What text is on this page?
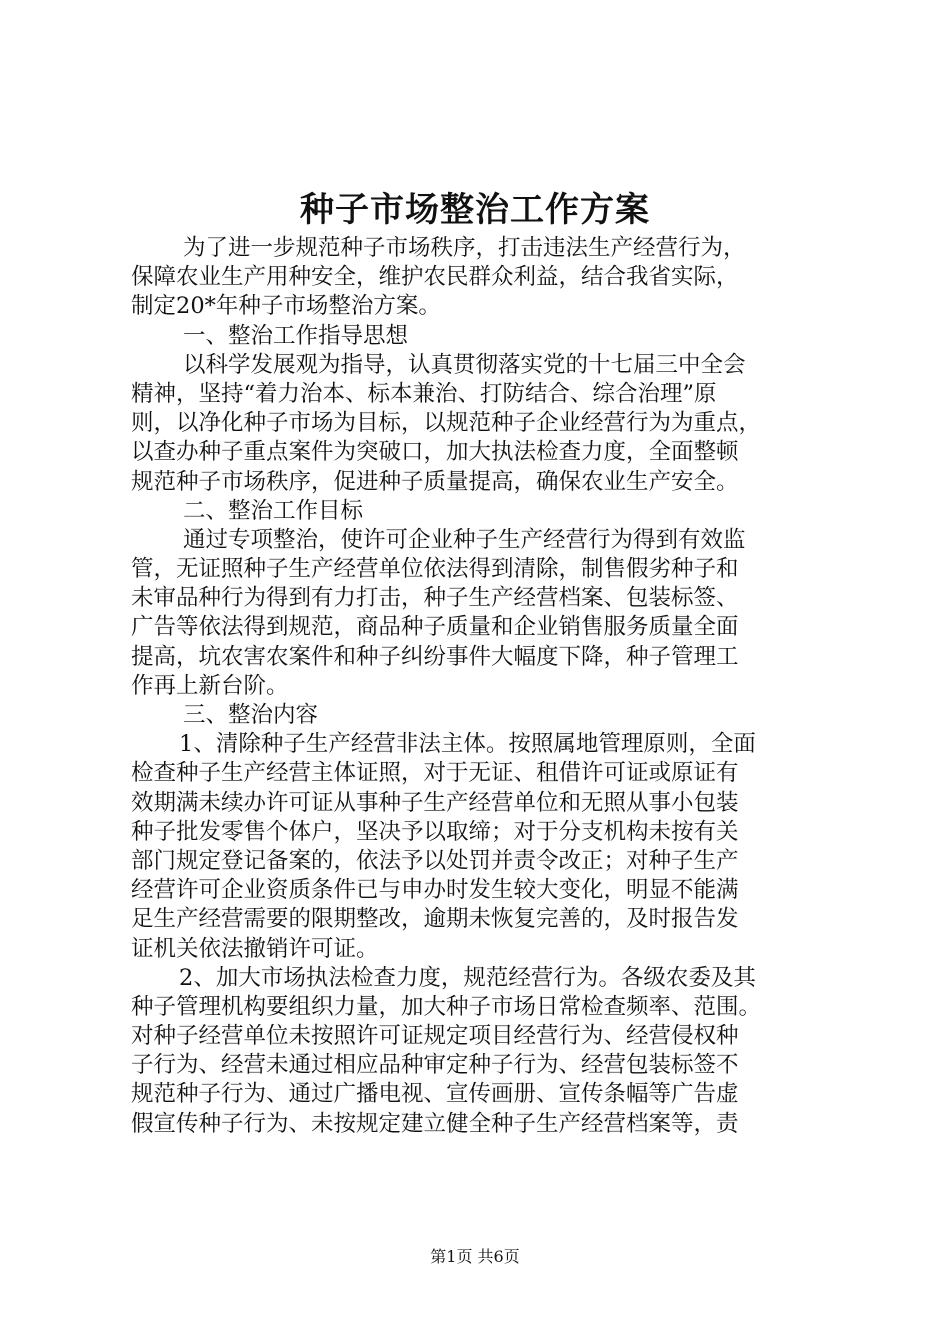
种子市场整治工作方案
为了进一步规范种子市场秩序，打击违法生产经营行为，
保障农业生产用种安全，维护农民群众利益，结合我省实际，
制定20*年种子市场整治方案。
一、整治工作指导思想
以科学发展观为指导，认真贯彻落实党的十七届三中全会
精神，坚持“着力治本、标本兼治、打防结合、综合治理”原
则，以净化种子市场为目标，以规范种子企业经营行为为重点，
以查办种子重点案件为突破口，加大执法检查力度，全面整顿
规范种子市场秩序，促进种子质量提高，确保农业生产安全。
二、整治工作目标
通过专项整治，使许可企业种子生产经营行为得到有效监
管，无证照种子生产经营单位依法得到清除，制售假劣种子和
未审品种行为得到有力打击，种子生产经营档案、包装标签、
广告等依法得到规范，商品种子质量和企业销售服务质量全面
提高，坑农害农案件和种子纠纷事件大幅度下降，种子管理工
作再上新台阶。
三、整治内容
1、清除种子生产经营非法主体。按照属地管理原则，全面
检查种子生产经营主体证照，对于无证、租借许可证或原证有
效期满未续办许可证从事种子生产经营单位和无照从事小包装
种子批发零售个体户，坚决予以取缔；对于分支机构未按有关
部门规定登记备案的，依法予以处罚并责令改正；对种子生产
经营许可企业资质条件已与申办时发生较大变化，明显不能满
足生产经营需要的限期整改，逾期未恢复完善的，及时报告发
证机关依法撤销许可证。
2、加大市场执法检查力度，规范经营行为。各级农委及其
种子管理机构要组织力量，加大种子市场日常检查频率、范围。
对种子经营单位未按照许可证规定项目经营行为、经营侵权种
子行为、经营未通过相应品种审定种子行为、经营包装标签不
规范种子行为、通过广播电视、宣传画册、宣传条幅等广告虚
假宣传种子行为、未按规定建立健全种子生产经营档案等，责
第1页 共6页
